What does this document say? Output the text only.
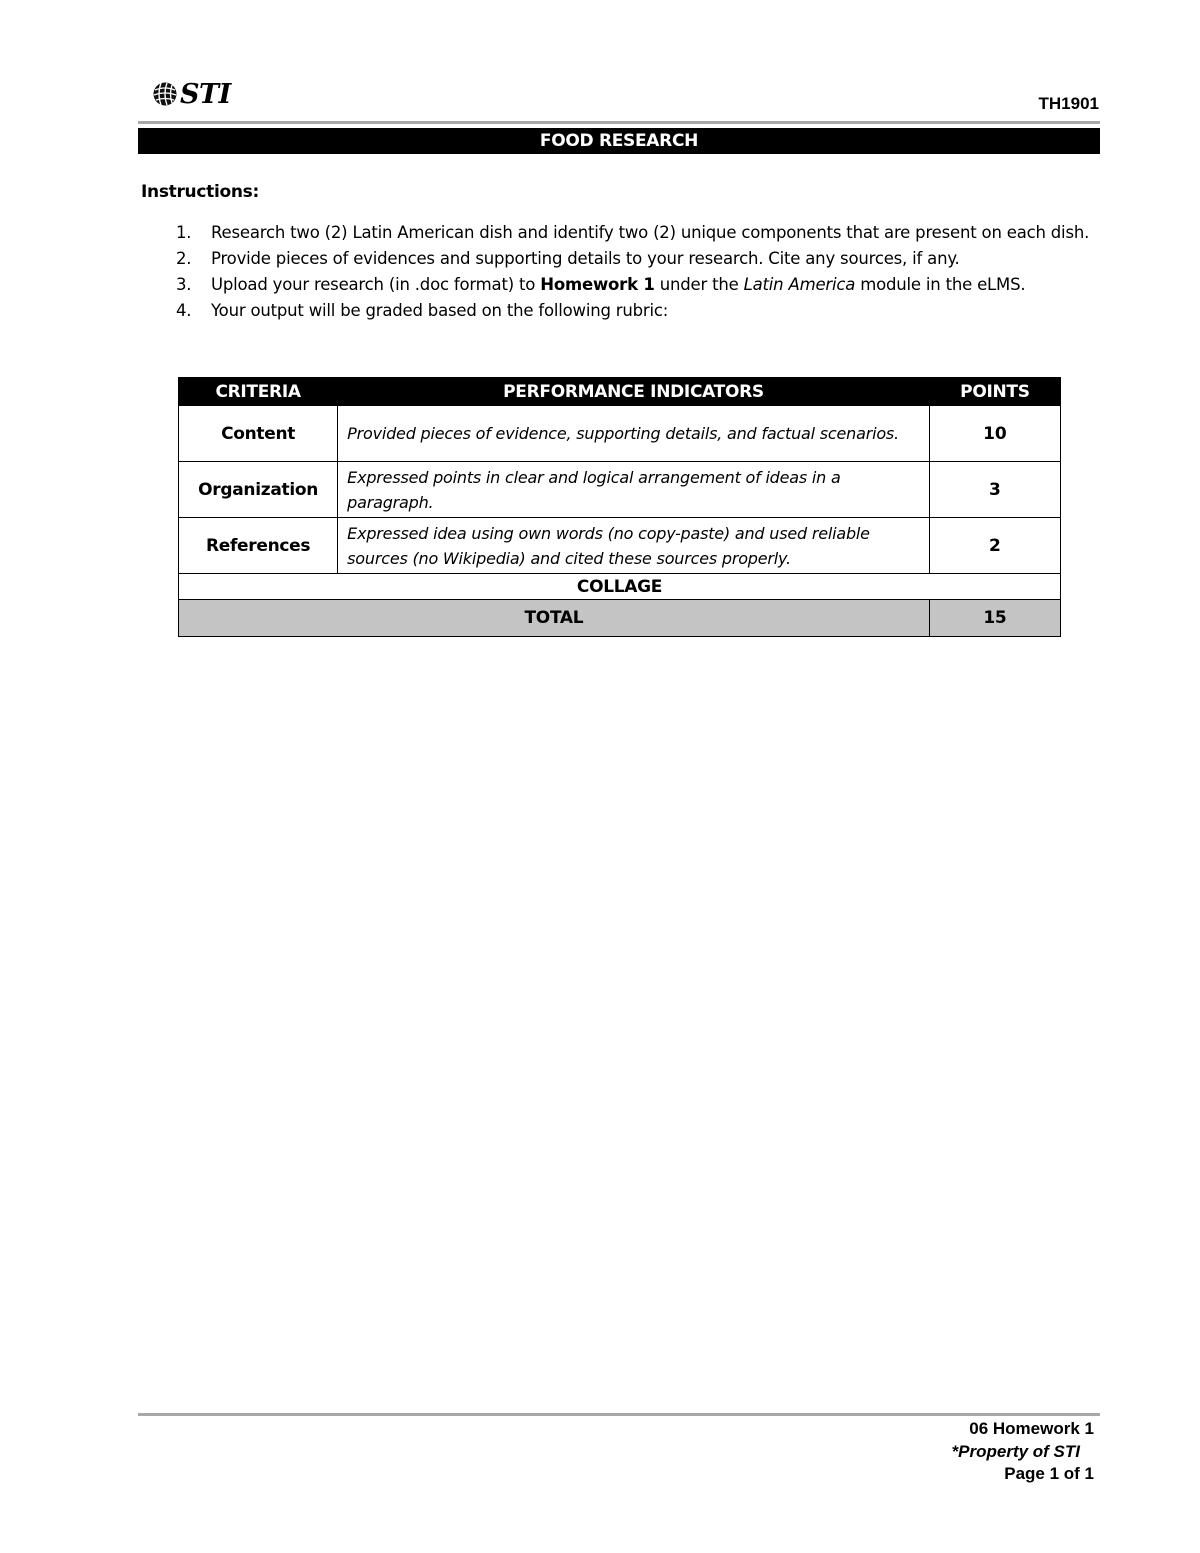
STI	TH1901
FOOD RESEARCH
Instructions:
1.	Research two (2) Latin American dish and identify two (2) unique components that are present on each dish.
2.	Provide pieces of evidences and supporting details to your research. Cite any sources, if any.
3.	Upload your research (in .doc format) to Homework 1 under the Latin America module in the eLMS.
4.	Your output will be graded based on the following rubric:
CRITERIA	PERFORMANCE INDICATORS	POINTS
Content	Provided pieces of evidence, supporting details, and factual scenarios.	10
Organization	Expressed points in clear and logical arrangement of ideas in a paragraph.	3
References	Expressed idea using own words (no copy-paste) and used reliable sources (no Wikipedia) and cited these sources properly.	2
COLLAGE		
TOTAL		15
06 Homework 1
*Property of STI
Page 1 of 1
